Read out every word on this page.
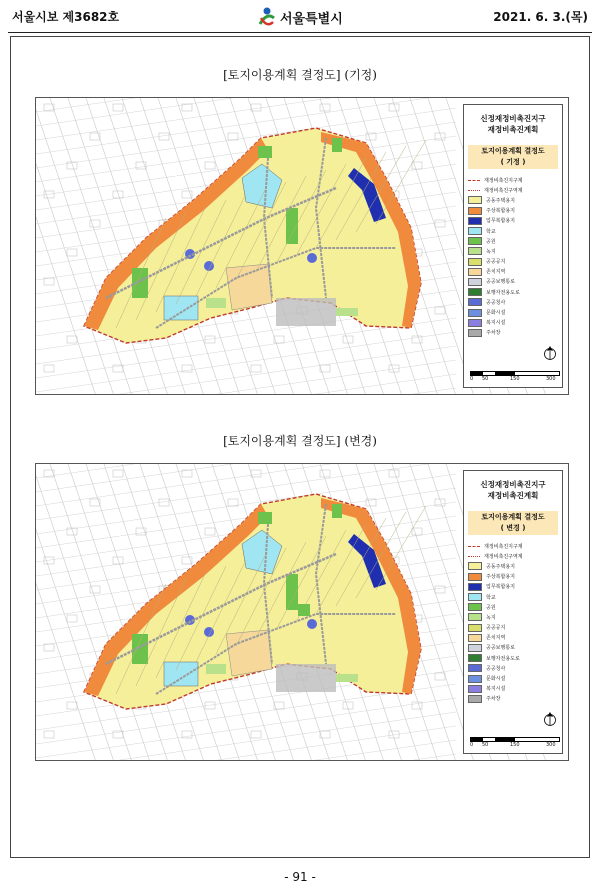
서울시보 제3682호	서울특별시	2021. 6. 3.(목)
[토지이용계획 결정도] (기정)
신정재정비촉진지구
재정비촉진계획
토지이용계획 결정도
( 기정 )
재정비촉진지구계
재정비촉진구역계
공동주택용지
주상복합용지
업무복합용지
학교
공원
녹지
공공공지
존치지역
공공보행통로
보행자전용도로
공공청사
문화시설
복지시설
주차장
0 50	150	300
[토지이용계획 결정도] (변경)
신정재정비촉진지구
재정비촉진계획
토지이용계획 결정도
( 변경 )
재정비촉진지구계
재정비촉진구역계
공동주택용지
주상복합용지
업무복합용지
학교
공원
녹지
공공공지
존치지역
공공보행통로
보행자전용도로
공공청사
문화시설
복지시설
주차장
0 50	150	300
- 91 -
